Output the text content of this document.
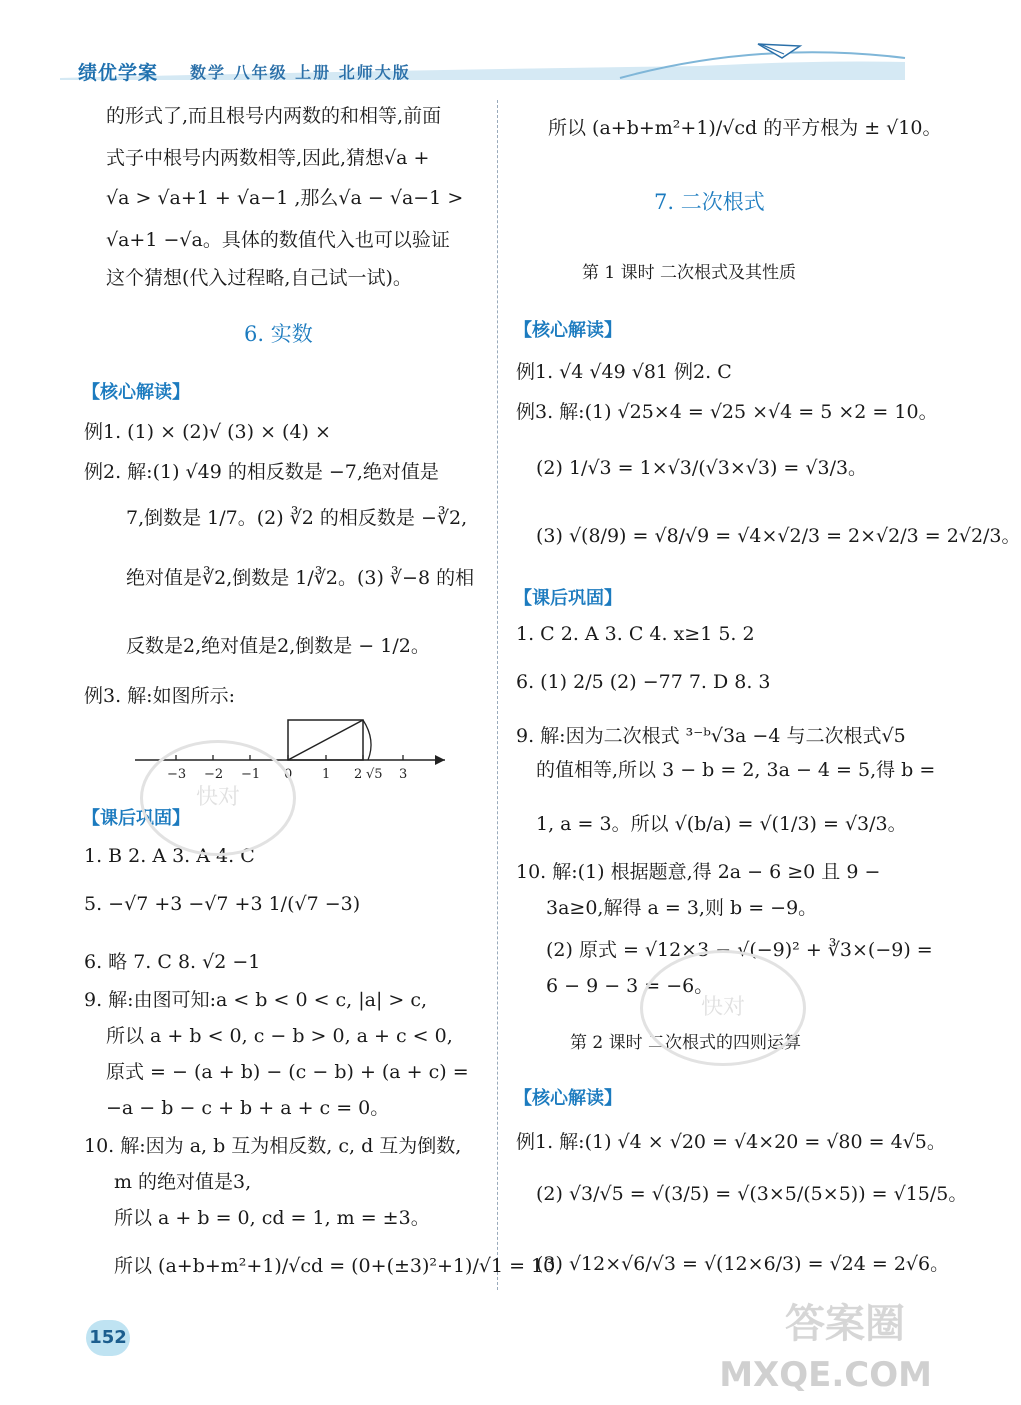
绩优学案 数学 八年级 上册 北师大版
的形式了,而且根号内两数的和相等,前面
式子中根号内两数相等,因此,猜想√a +
√a > √a+1 + √a−1 ,那么√a − √a−1 >
√a+1 −√a。具体的数值代入也可以验证
这个猜想(代入过程略,自己试一试)。
6. 实数
【核心解读】
例1. (1) × (2)√ (3) × (4) ×
例2. 解:(1) √49 的相反数是 −7,绝对值是
7,倒数是 1/7。(2) ∛2 的相反数是 −∛2,
绝对值是∛2,倒数是 1/∛2。(3) ∛−8 的相
反数是2,绝对值是2,倒数是 − 1/2。
例3. 解:如图所示:
−3 −2 −1 0 1 2 √5 3
【课后巩固】
1. B 2. A 3. A 4. C
5. −√7 +3 −√7 +3 1/(√7 −3)
6. 略 7. C 8. √2 −1
9. 解:由图可知:a < b < 0 < c, |a| > c,
所以 a + b < 0, c − b > 0, a + c < 0,
原式 = − (a + b) − (c − b) + (a + c) =
−a − b − c + b + a + c = 0。
10. 解:因为 a, b 互为相反数, c, d 互为倒数,
m 的绝对值是3,
所以 a + b = 0, cd = 1, m = ±3。
所以 (a+b+m²+1)/√cd = (0+(±3)²+1)/√1 = 10,
所以 (a+b+m²+1)/√cd 的平方根为 ± √10。
7. 二次根式
第 1 课时 二次根式及其性质
【核心解读】
例1. √4 √49 √81 例2. C
例3. 解:(1) √25×4 = √25 ×√4 = 5 ×2 = 10。
(2) 1/√3 = 1×√3/(√3×√3) = √3/3。
(3) √(8/9) = √8/√9 = √4×√2/3 = 2×√2/3 = 2√2/3。
【课后巩固】
1. C 2. A 3. C 4. x≥1 5. 2
6. (1) 2/5 (2) −77 7. D 8. 3
9. 解:因为二次根式 ³⁻ᵇ√3a −4 与二次根式√5
的值相等,所以 3 − b = 2, 3a − 4 = 5,得 b =
1, a = 3。所以 √(b/a) = √(1/3) = √3/3。
10. 解:(1) 根据题意,得 2a − 6 ≥0 且 9 −
3a≥0,解得 a = 3,则 b = −9。
(2) 原式 = √12×3 − √(−9)² + ∛3×(−9) =
6 − 9 − 3 = −6。
第 2 课时 二次根式的四则运算
【核心解读】
例1. 解:(1) √4 × √20 = √4×20 = √80 = 4√5。
(2) √3/√5 = √(3/5) = √(3×5/(5×5)) = √15/5。
(3) √12×√6/√3 = √(12×6/3) = √24 = 2√6。
152
快对
快对
答案圈
MXQE.COM
